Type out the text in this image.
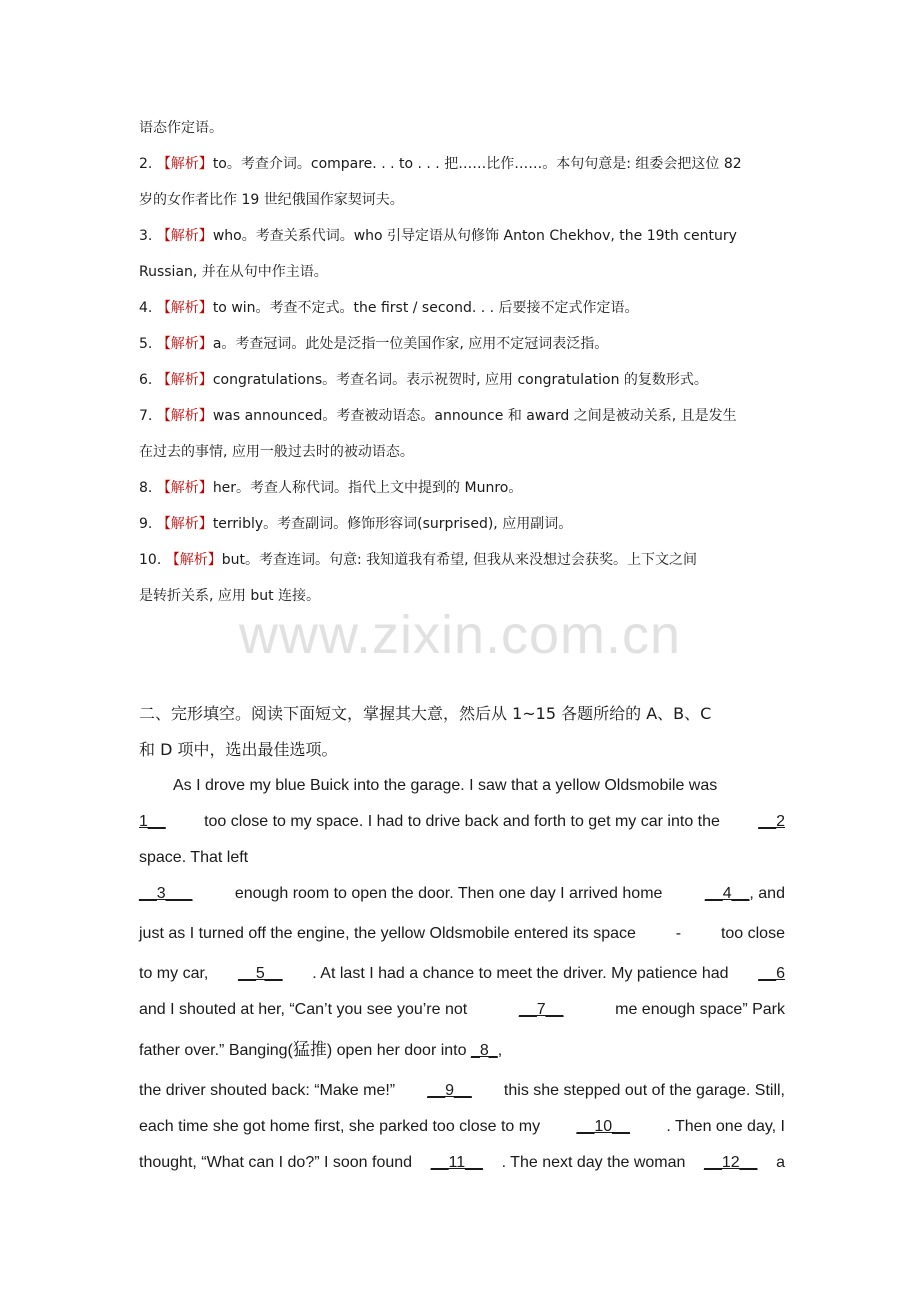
语态作定语。
2. 【解析】to。考查介词。compare. . . to . . . 把……比作……。本句句意是: 组委会把这位 82
岁的女作者比作 19 世纪俄国作家契诃夫。
3. 【解析】who。考查关系代词。who 引导定语从句修饰 Anton Chekhov, the 19th century
Russian, 并在从句中作主语。
4. 【解析】to win。考查不定式。the first / second. . . 后要接不定式作定语。
5. 【解析】a。考查冠词。此处是泛指一位美国作家, 应用不定冠词表泛指。
6. 【解析】congratulations。考查名词。表示祝贺时, 应用 congratulation 的复数形式。
7. 【解析】was announced。考查被动语态。announce 和 award 之间是被动关系, 且是发生
在过去的事情, 应用一般过去时的被动语态。
8. 【解析】her。考查人称代词。指代上文中提到的 Munro。
9. 【解析】terribly。考查副词。修饰形容词(surprised), 应用副词。
10. 【解析】but。考查连词。句意: 我知道我有希望, 但我从来没想过会获奖。上下文之间
是转折关系, 应用 but 连接。
二、完形填空。阅读下面短文，掌握其大意，然后从 1~15 各题所给的 A、B、C
和 D 项中，选出最佳选项。
As I drove my blue Buick into the garage. I saw that a yellow Oldsmobile was
1__ too close to my space. I had to drive back and forth to get my car into the __2
space. That left
__3___	enough room to open the door. Then one day I arrived home	__4__, and
just as I turned off the engine, the yellow Oldsmobile entered its space - too close
to my car, __5__ . At last I had a chance to meet the driver. My patience had __6
and I shouted at her, “Can’t you see you’re not	__7__	me enough space” Park
father over.” Banging(猛推) open her door into _8_,
the driver shouted back: “Make me!” __9__ this she stepped out of the garage. Still,
each time she got home first, she parked too close to my __10__ . Then one day, I
thought, “What can I do?” I soon found __11__ . The next day the woman __12__ a
www.zixin.com.cn
